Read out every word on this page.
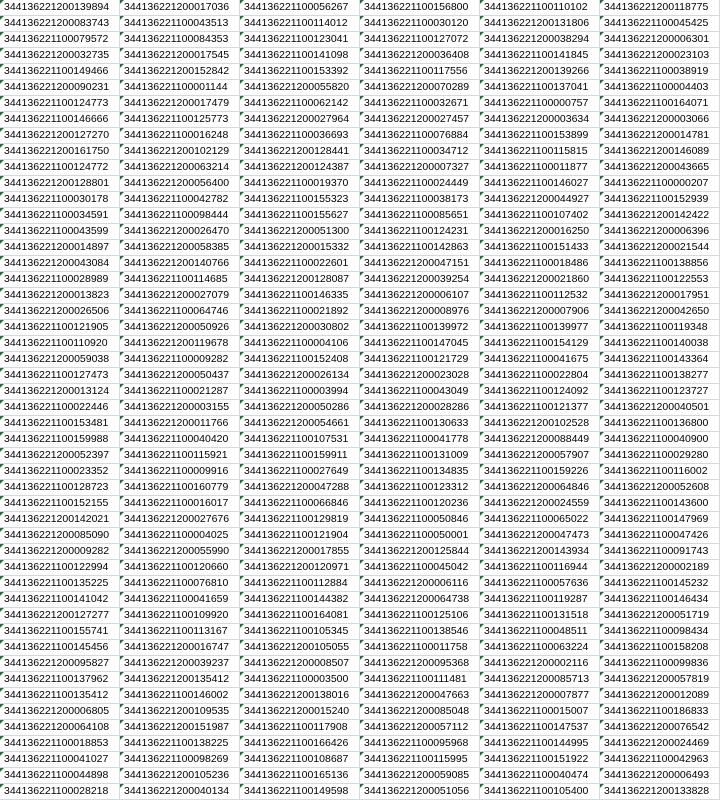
344136221200139894	344136221200017036	344136221100056267	344136221100156800	344136221100110102	344136221200118775
344136221200083743	344136221100043513	344136221100114012	344136221100030120	344136221200131806	344136221100045425
344136221100079572	344136221100084353	344136221100123041	344136221100127072	344136221200038294	344136221200006301
344136221200032735	344136221200017545	344136221100141098	344136221200036408	344136221100141845	344136221200023103
344136221100149466	344136221200152842	344136221100153392	344136221100117556	344136221200139266	344136221100038919
344136221200090231	344136221100001144	344136221200055820	344136221200070289	344136221100137041	344136221100004403
344136221100124773	344136221200017479	344136221100062142	344136221100032671	344136221100000757	344136221100164071
344136221100146666	344136221100125773	344136221200027964	344136221200027457	344136221200003634	344136221200003066
344136221200127270	344136221100016248	344136221100036693	344136221100076884	344136221100153899	344136221200014781
344136221200161750	344136221200102129	344136221200128441	344136221100034712	344136221100115815	344136221200146089
344136221100124772	344136221200063214	344136221200124387	344136221200007327	344136221100011877	344136221200043665
344136221200128801	344136221200056400	344136221100019370	344136221100024449	344136221100146027	344136221100000207
344136221100030178	344136221100042782	344136221100155323	344136221100038173	344136221200044927	344136221100152939
344136221100034591	344136221100098444	344136221100155627	344136221100085651	344136221100107402	344136221200142422
344136221100043599	344136221200026470	344136221200051300	344136221100124231	344136221200016250	344136221200006396
344136221200014897	344136221200058385	344136221200015332	344136221100142863	344136221100151433	344136221200021544
344136221200043084	344136221200140766	344136221100022601	344136221200047151	344136221100018486	344136221100138856
344136221100028989	344136221100114685	344136221200128087	344136221200039254	344136221200021860	344136221100122553
344136221200013823	344136221200027079	344136221100146335	344136221200006107	344136221100112532	344136221200017951
344136221200026506	344136221100064746	344136221100021892	344136221200008976	344136221200007906	344136221200042650
344136221100121905	344136221200050926	344136221200030802	344136221100139972	344136221100139977	344136221100119348
344136221100110920	344136221200119678	344136221100004106	344136221100147045	344136221100154129	344136221100140038
344136221200059038	344136221100009282	344136221100152408	344136221100121729	344136221100041675	344136221100143364
344136221100127473	344136221200050437	344136221200026134	344136221200023028	344136221100022804	344136221100138277
344136221200013124	344136221100021287	344136221100003994	344136221100043049	344136221100124092	344136221100123727
344136221100022446	344136221200003155	344136221200050286	344136221200028286	344136221100121377	344136221200040501
344136221100153481	344136221200011766	344136221200054661	344136221100130633	344136221200102528	344136221100136800
344136221100159988	344136221100040420	344136221100107531	344136221100041778	344136221200088449	344136221100040900
344136221200052397	344136221100115921	344136221100159911	344136221100131009	344136221200057907	344136221100029280
344136221100023352	344136221100009916	344136221100027649	344136221100134835	344136221100159226	344136221100116002
344136221100128723	344136221100160779	344136221200047288	344136221100123312	344136221200064846	344136221200052608
344136221100152155	344136221100016017	344136221100066846	344136221100120236	344136221200024559	344136221100143600
344136221200142021	344136221200027676	344136221100129819	344136221100050846	344136221100065022	344136221100147969
344136221200085090	344136221100004025	344136221100121904	344136221100050001	344136221200047473	344136221100047426
344136221200009282	344136221200055990	344136221200017855	344136221200125844	344136221200143934	344136221100091743
344136221100122994	344136221100120660	344136221200120971	344136221100045042	344136221100116944	344136221200002189
344136221100135225	344136221100076810	344136221100112884	344136221200006116	344136221100057636	344136221100145232
344136221100141042	344136221100041659	344136221100144382	344136221200064738	344136221100119287	344136221100146434
344136221200127277	344136221100109920	344136221100164081	344136221100125106	344136221100131518	344136221200051719
344136221100155741	344136221100113167	344136221100105345	344136221100138546	344136221100048511	344136221100098434
344136221100145456	344136221200016747	344136221200105055	344136221100011758	344136221100063224	344136221100158208
344136221200095827	344136221200039237	344136221200008507	344136221200095368	344136221200002116	344136221100099836
344136221100137962	344136221200135412	344136221100003500	344136221100111481	344136221200085713	344136221200057819
344136221100135412	344136221100146002	344136221200138016	344136221200047663	344136221200007877	344136221200012089
344136221200006805	344136221200109535	344136221200015240	344136221200085048	344136221100015007	344136221100186833
344136221200064108	344136221200151987	344136221100117908	344136221200057112	344136221100147537	344136221200076542
344136221100018853	344136221100138225	344136221100166426	344136221100095968	344136221100144995	344136221200024469
344136221100041027	344136221100098269	344136221100108687	344136221100115995	344136221100151922	344136221100042963
344136221100044898	344136221200105236	344136221100165136	344136221200059085	344136221100040474	344136221200006493
344136221100028218	344136221200040134	344136221100149598	344136221200051056	344136221100105400	344136221200133828
